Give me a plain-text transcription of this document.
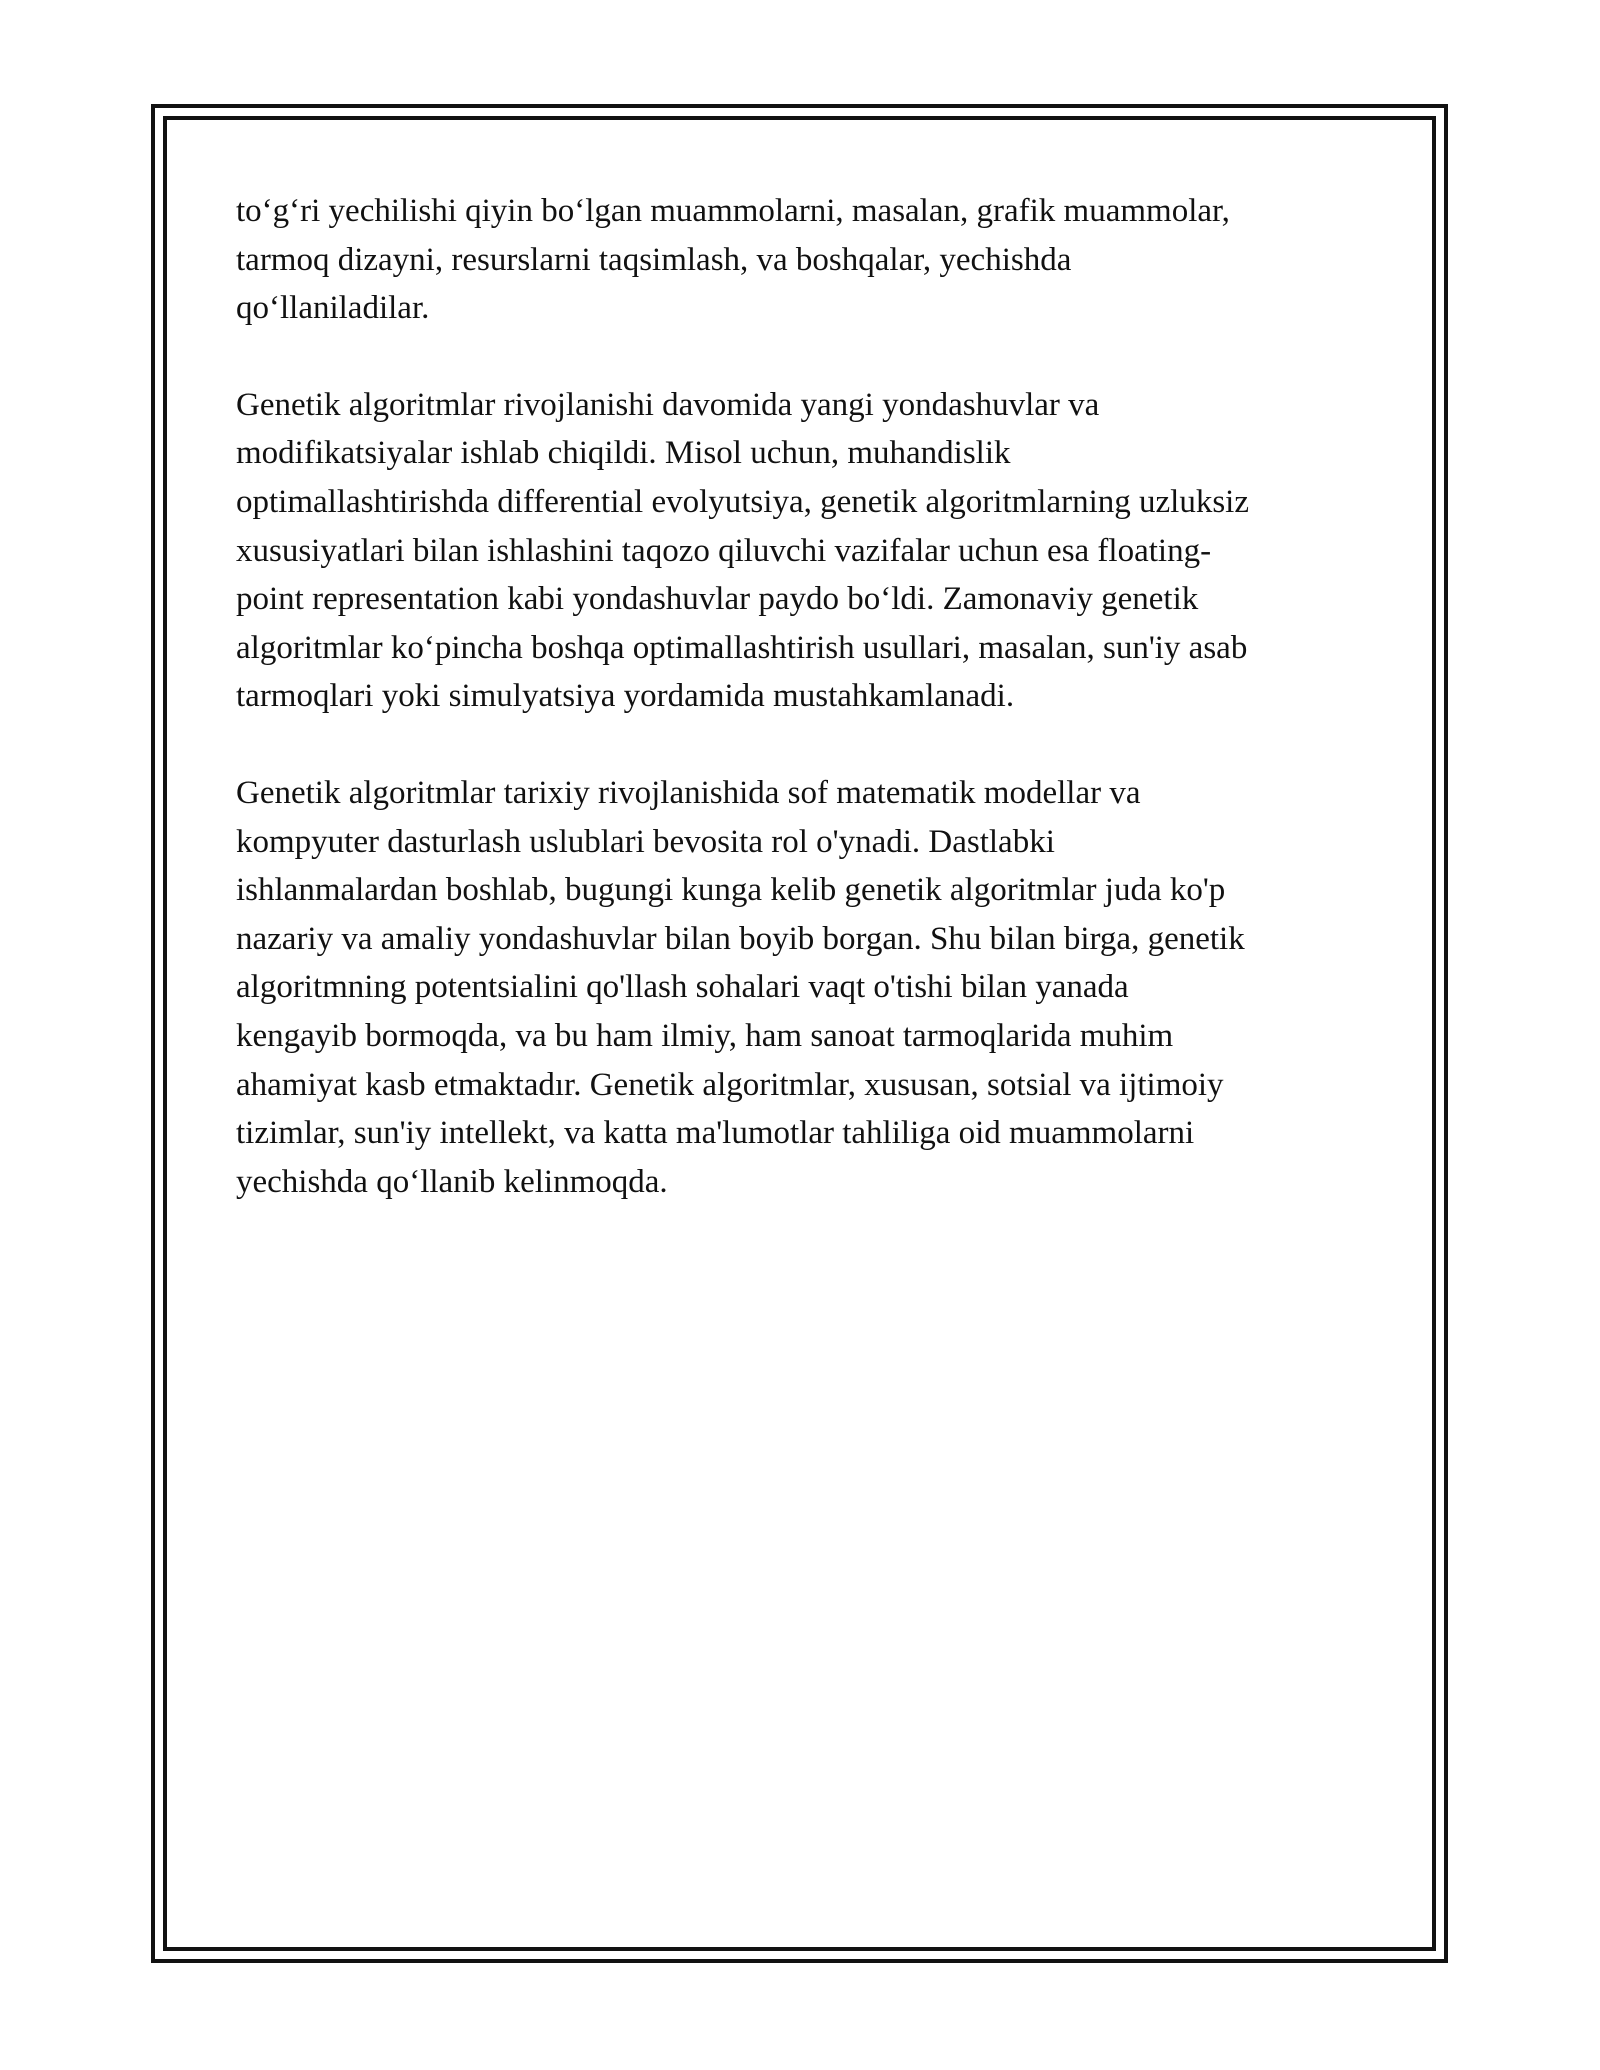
to‘g‘ri yechilishi qiyin bo‘lgan muammolarni, masalan, grafik muammolar,
tarmoq dizayni, resurslarni taqsimlash, va boshqalar, yechishda
qo‘llaniladilar.

Genetik algoritmlar rivojlanishi davomida yangi yondashuvlar va
modifikatsiyalar ishlab chiqildi. Misol uchun, muhandislik
optimallashtirishda differential evolyutsiya, genetik algoritmlarning uzluksiz
xususiyatlari bilan ishlashini taqozo qiluvchi vazifalar uchun esa floating-
point representation kabi yondashuvlar paydo bo‘ldi. Zamonaviy genetik
algoritmlar ko‘pincha boshqa optimallashtirish usullari, masalan, sun'iy asab
tarmoqlari yoki simulyatsiya yordamida mustahkamlanadi.

Genetik algoritmlar tarixiy rivojlanishida sof matematik modellar va
kompyuter dasturlash uslublari bevosita rol o'ynadi. Dastlabki
ishlanmalardan boshlab, bugungi kunga kelib genetik algoritmlar juda ko'p
nazariy va amaliy yondashuvlar bilan boyib borgan. Shu bilan birga, genetik
algoritmning potentsialini qo'llash sohalari vaqt o'tishi bilan yanada
kengayib bormoqda, va bu ham ilmiy, ham sanoat tarmoqlarida muhim
ahamiyat kasb etmaktadır. Genetik algoritmlar, xususan, sotsial va ijtimoiy
tizimlar, sun'iy intellekt, va katta ma'lumotlar tahliliga oid muammolarni
yechishda qo‘llanib kelinmoqda.
